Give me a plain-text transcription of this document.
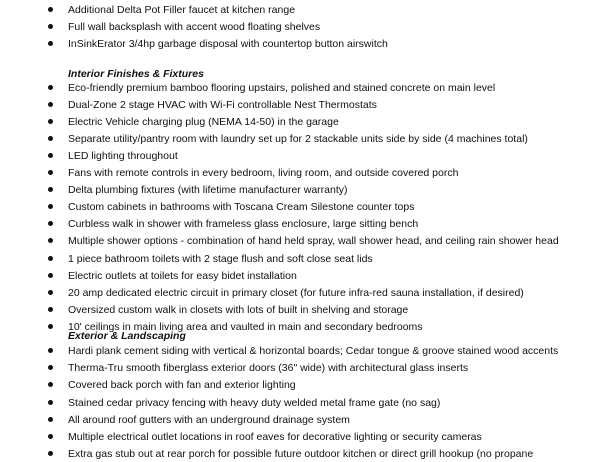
Additional Delta Pot Filler faucet at kitchen range
Full wall backsplash with accent wood floating shelves
InSinkErator 3/4hp garbage disposal with countertop button airswitch
Interior Finishes & Fixtures
Eco-friendly premium bamboo flooring upstairs, polished and stained concrete on main level
Dual-Zone 2 stage HVAC with Wi-Fi controllable Nest Thermostats
Electric Vehicle charging plug (NEMA 14-50) in the garage
Separate utility/pantry room with laundry set up for 2 stackable units side by side (4 machines total)
LED lighting throughout
Fans with remote controls in every bedroom, living room, and outside covered porch
Delta plumbing fixtures (with lifetime manufacturer warranty)
Custom cabinets in bathrooms with Toscana Cream Silestone counter tops
Curbless walk in shower with frameless glass enclosure, large sitting bench
Multiple shower options - combination of hand held spray, wall shower head, and ceiling rain shower head
1 piece bathroom toilets with 2 stage flush and soft close seat lids
Electric outlets at toilets for easy bidet installation
20 amp dedicated electric circuit in primary closet (for future infra-red sauna installation, if desired)
Oversized custom walk in closets with lots of built in shelving and storage
10' ceilings in main living area and vaulted in main and secondary bedrooms
Exterior & Landscaping
Hardi plank cement siding with vertical & horizontal boards; Cedar tongue & groove stained wood accents
Therma-Tru smooth fiberglass exterior doors (36" wide) with architectural glass inserts
Covered back porch with fan and exterior lighting
Stained cedar privacy fencing with heavy duty welded metal frame gate (no sag)
All around roof gutters with an underground drainage system
Multiple electrical outlet locations in roof eaves for decorative lighting or security cameras
Extra gas stub out at rear porch for possible future outdoor kitchen or direct grill hookup (no propane
